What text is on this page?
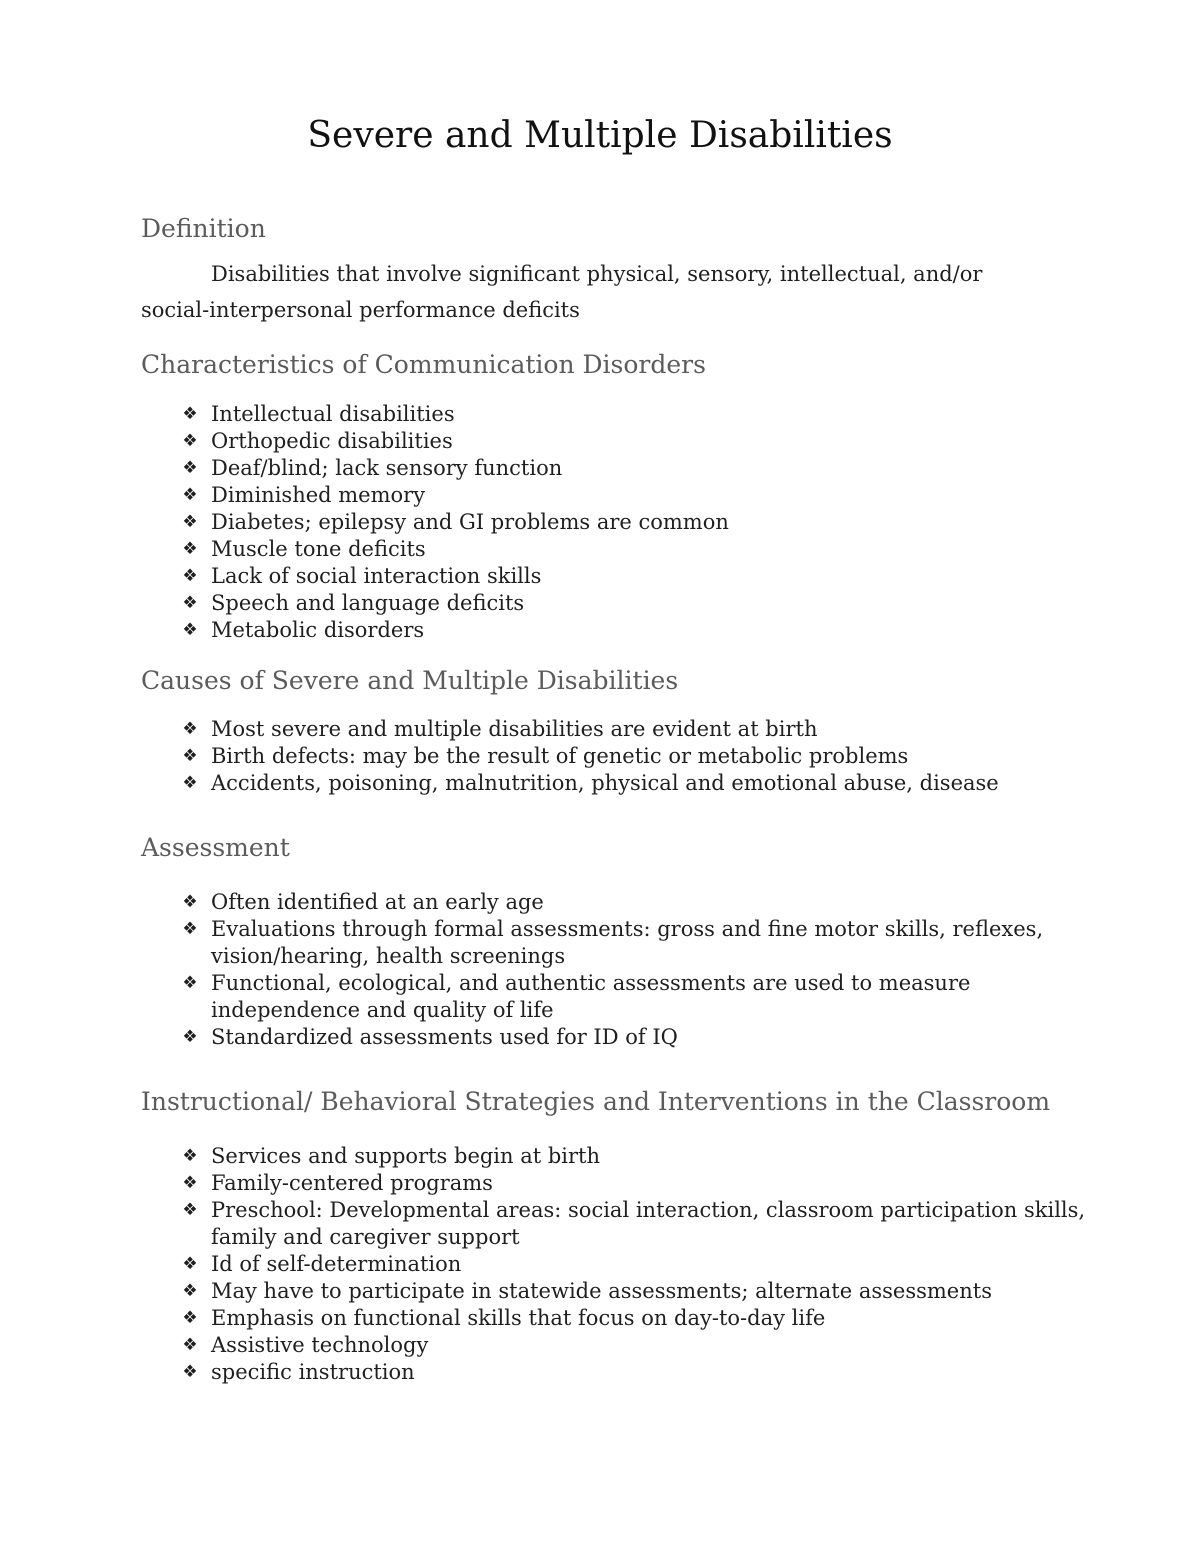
Severe and Multiple Disabilities
Definition

Disabilities that involve significant physical, sensory, intellectual, and/or
social-interpersonal performance deficits

Characteristics of Communication Disorders
❖ Intellectual disabilities
❖ Orthopedic disabilities
❖ Deaf/blind; lack sensory function
❖ Diminished memory
❖ Diabetes; epilepsy and GI problems are common
❖ Muscle tone deficits
❖ Lack of social interaction skills
❖ Speech and language deficits
❖ Metabolic disorders
Causes of Severe and Multiple Disabilities
❖ Most severe and multiple disabilities are evident at birth
❖ Birth defects: may be the result of genetic or metabolic problems
❖ Accidents, poisoning, malnutrition, physical and emotional abuse, disease
Assessment
❖ Often identified at an early age
❖ Evaluations through formal assessments: gross and fine motor skills, reflexes, vision/hearing, health screenings
❖ Functional, ecological, and authentic assessments are used to measure independence and quality of life
❖ Standardized assessments used for ID of IQ
Instructional/ Behavioral Strategies and Interventions in the Classroom
❖ Services and supports begin at birth
❖ Family-centered programs
❖ Preschool: Developmental areas: social interaction, classroom participation skills, family and caregiver support
❖ Id of self-determination
❖ May have to participate in statewide assessments; alternate assessments
❖ Emphasis on functional skills that focus on day-to-day life
❖ Assistive technology
❖ specific instruction
